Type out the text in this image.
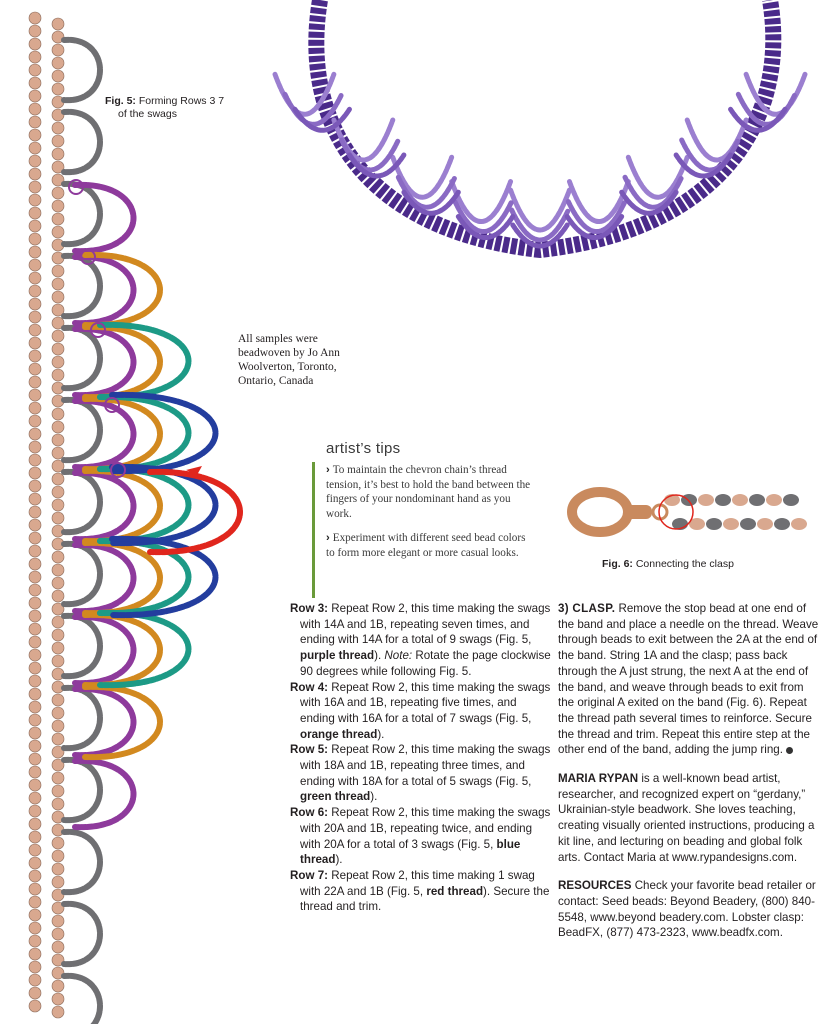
Fig. 5: Forming Rows 3 7
of the swags
All samples were beadwoven by Jo Ann Woolverton, Toronto, Ontario, Canada
artist’s tips
› To maintain the chevron chain’s thread tension, it’s best to hold the band between the fingers of your nondominant hand as you work.
› Experiment with different seed bead colors to form more elegant or more casual looks.
Fig. 6: Connecting the clasp

Row 3: Repeat Row 2, this time making the swags with 14A and 1B, repeating seven times, and ending with 14A for a total of 9 swags (Fig. 5, purple thread). Note: Rotate the page clockwise 90 degrees while following Fig. 5.

Row 4: Repeat Row 2, this time making the swags with 16A and 1B, repeating five times, and ending with 16A for a total of 7 swags (Fig. 5, orange thread).

Row 5: Repeat Row 2, this time making the swags with 18A and 1B, repeating three times, and ending with 18A for a total of 5 swags (Fig. 5, green thread).

Row 6: Repeat Row 2, this time making the swags with 20A and 1B, repeating twice, and ending with 20A for a total of 3 swags (Fig. 5, blue thread).

Row 7: Repeat Row 2, this time making 1 swag with 22A and 1B (Fig. 5, red thread). Secure the thread and trim.

3) CLASP. Remove the stop bead at one end of the band and place a needle on the thread. Weave through beads to exit between the 2A at the end of the band. String 1A and the clasp; pass back through the A just strung, the next A at the end of the band, and weave through beads to exit from the original A exited on the band (Fig. 6). Repeat the thread path several times to reinforce. Secure the thread and trim. Repeat this entire step at the other end of the band, adding the jump ring.
MARIA RYPAN is a well-known bead artist, researcher, and recognized expert on “gerdany,” Ukrainian-style beadwork. She loves teaching, creating visually oriented instructions, producing a kit line, and lecturing on beading and global folk arts. Contact Maria at www.rypandesigns.com.
RESOURCES Check your favorite bead retailer or contact: Seed beads: Beyond Beadery, (800) 840-5548, www.beyond beadery.com. Lobster clasp: BeadFX, (877) 473-2323, www.beadfx.com.
